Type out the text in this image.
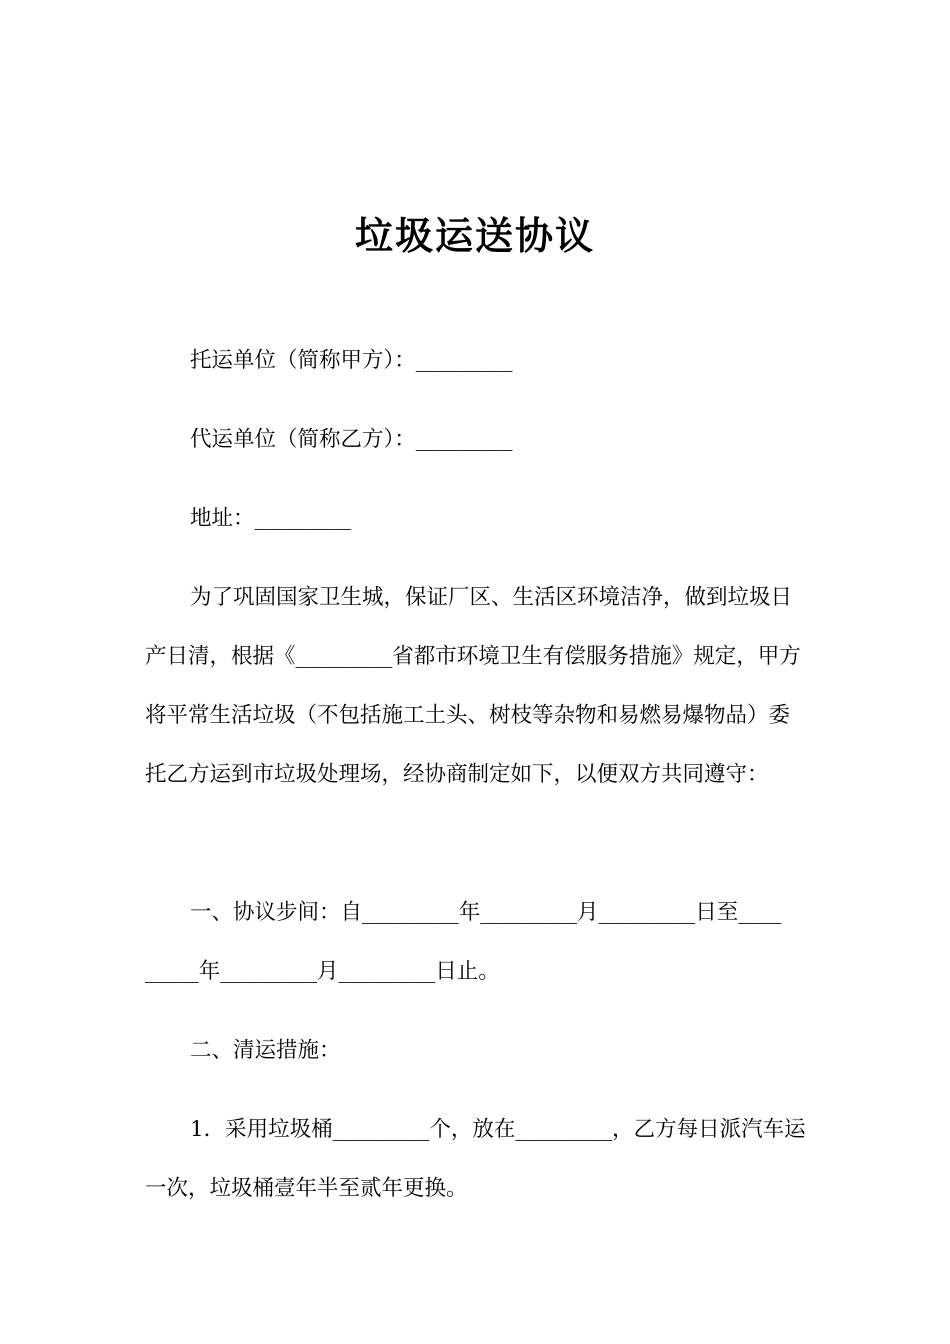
垃圾运送协议
托运单位（简称甲方）：_________
代运单位（简称乙方）：_________
地址：_________

为了巩固国家卫生城，保证厂区、生活区环境洁净，做到垃圾日产日清，根据《_________省都市环境卫生有偿服务措施》规定，甲方将平常生活垃圾（不包括施工土头、树枝等杂物和易燃易爆物品）委托乙方运到市垃圾处理场，经协商制定如下，以便双方共同遵守：

一、协议步间：自_________年_________月_________日至____
_____年_________月_________日止。
二、清运措施：

1．采用垃圾桶_________个，放在_________，乙方每日派汽车运一次，垃圾桶壹年半至贰年更换。
